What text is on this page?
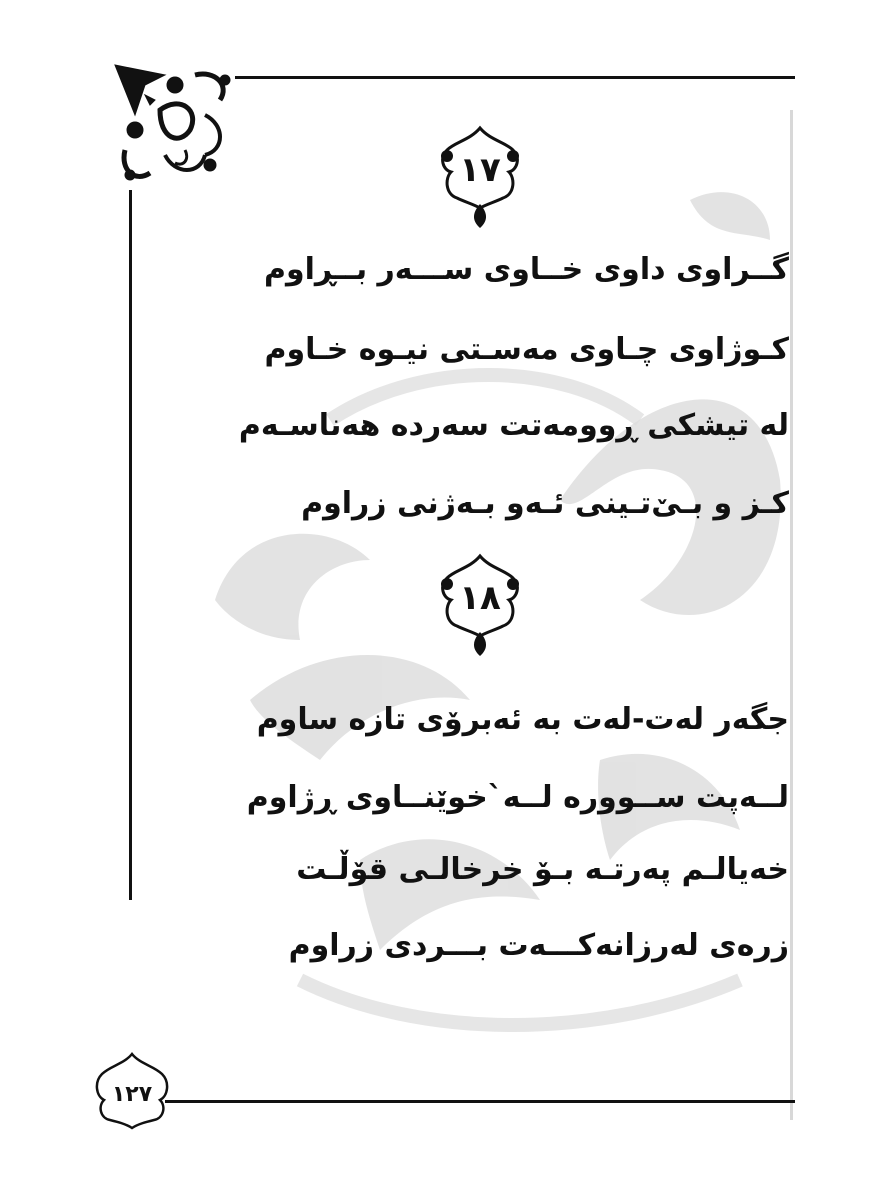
١٧
گــراوی داوی خــاوی ســـەر بــڕاوم
کـوژاوی چـاوی مەسـتی نیـوە خـاوم
لە تیشکی ڕوومەتت سەردە هەناسـەم
کـز و بـێ‌تـینی ئـەو بـەژنی زراوم
١٨
جگەر لەت-لەت بە ئەبرۆی تازە ساوم
لــەپت ســووره لــە`خوێنــاوی ڕژاوم
خەیالـم پەرتـە بـۆ خرخالـی قۆڵـت
زرەی لەرزانەکـــەت بـــردی زراوم
١٢٧
